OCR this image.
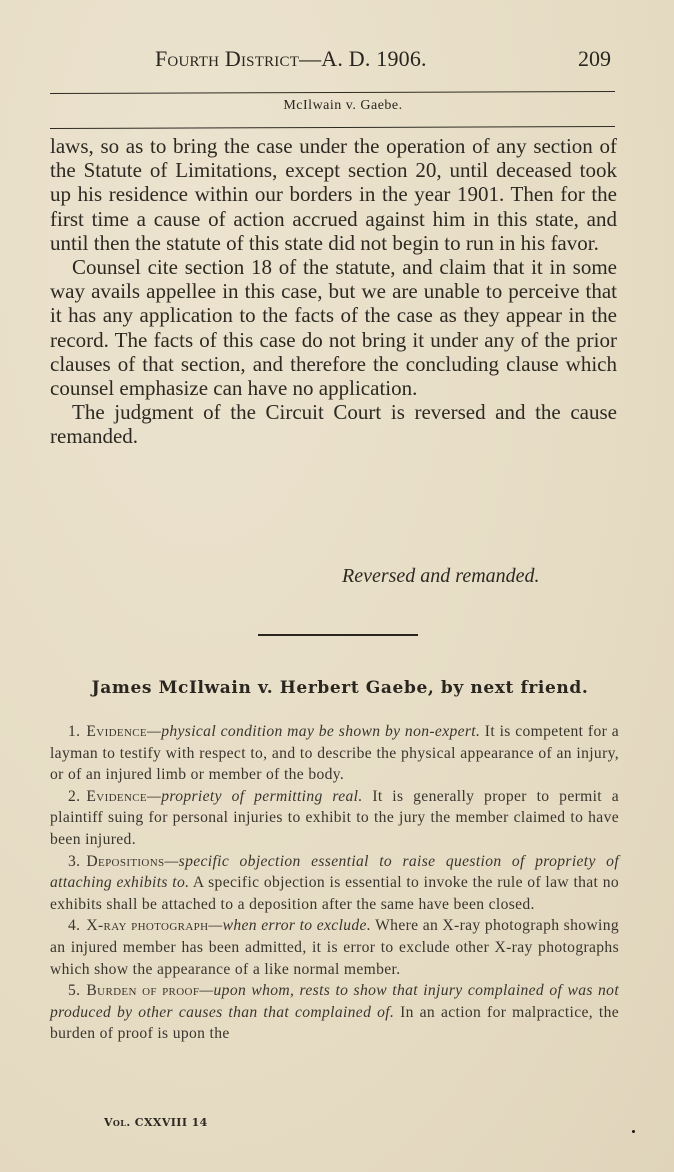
Fourth District—A. D. 1906.	209
McIlwain v. Gaebe.

laws, so as to bring the case under the operation of any section of the Statute of Limitations, except section 20, until deceased took up his residence within our borders in the year 1901. Then for the first time a cause of action accrued against him in this state, and until then the statute of this state did not begin to run in his favor.

Counsel cite section 18 of the statute, and claim that it in some way avails appellee in this case, but we are unable to perceive that it has any application to the facts of the case as they appear in the record. The facts of this case do not bring it under any of the prior clauses of that section, and therefore the concluding clause which counsel emphasize can have no application.

The judgment of the Circuit Court is reversed and the cause remanded.

Reversed and remanded.
James McIlwain v. Herbert Gaebe, by next friend.

1. Evidence—physical condition may be shown by non-expert. It is competent for a layman to testify with respect to, and to describe the physical appearance of an injury, or of an injured limb or member of the body.

2. Evidence—propriety of permitting real. It is generally proper to permit a plaintiff suing for personal injuries to exhibit to the jury the member claimed to have been injured.

3. Depositions—specific objection essential to raise question of propriety of attaching exhibits to. A specific objection is essential to invoke the rule of law that no exhibits shall be attached to a deposition after the same have been closed.

4. X-ray photograph—when error to exclude. Where an X-ray photograph showing an injured member has been admitted, it is error to exclude other X-ray photographs which show the appearance of a like normal member.

5. Burden of proof—upon whom, rests to show that injury complained of was not produced by other causes than that complained of. In an action for malpractice, the burden of proof is upon the

Vol. CXXVIII 14
